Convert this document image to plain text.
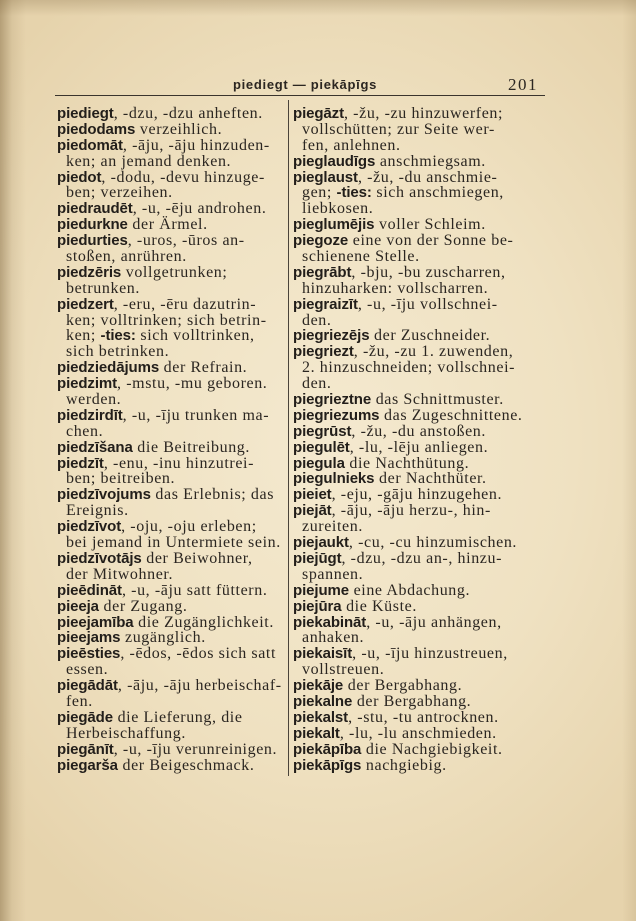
piediegt — piekāpīgs	201
piediegt, -dzu, -dzu anheften.
piedodams verzeihlich.
piedomāt, -āju, -āju hinzuden-
ken; an jemand denken.
piedot, -dodu, -devu hinzuge-
ben; verzeihen.
piedraudēt, -u, -ēju androhen.
piedurkne der Ärmel.
piedurties, -uros, -ūros an-
stoßen, anrühren.
piedzēris vollgetrunken;
betrunken.
piedzert, -eru, -ēru dazutrin-
ken; volltrinken; sich betrin-
ken; -ties: sich volltrinken,
sich betrinken.
piedziedājums der Refrain.
piedzimt, -mstu, -mu geboren.
werden.
piedzirdīt, -u, -īju trunken ma-
chen.
piedzīšana die Beitreibung.
piedzīt, -enu, -inu hinzutrei-
ben; beitreiben.
piedzīvojums das Erlebnis; das
Ereignis.
piedzīvot, -oju, -oju erleben;
bei jemand in Untermiete sein.
piedzīvotājs der Beiwohner,
der Mitwohner.
pieēdināt, -u, -āju satt füttern.
pieeja der Zugang.
pieejamība die Zugänglichkeit.
pieejams zugänglich.
pieēsties, -ēdos, -ēdos sich satt
essen.
piegādāt, -āju, -āju herbeischaf-
fen.
piegāde die Lieferung, die
Herbeischaffung.
piegānīt, -u, -īju verunreinigen.
piegarša der Beigeschmack.
piegāzt, -žu, -zu hinzuwerfen;
vollschütten; zur Seite wer-
fen, anlehnen.
pieglaudīgs anschmiegsam.
pieglaust, -žu, -du anschmie-
gen; -ties: sich anschmiegen,
liebkosen.
pieglumējis voller Schleim.
piegoze eine von der Sonne be-
schienene Stelle.
piegrābt, -bju, -bu zuscharren,
hinzuharken: vollscharren.
piegraizīt, -u, -īju vollschnei-
den.
piegriezējs der Zuschneider.
piegriezt, -žu, -zu 1. zuwenden,
2. hinzuschneiden; vollschnei-
den.
piegrieztne das Schnittmuster.
piegriezums das Zugeschnittene.
piegrūst, -žu, -du anstoßen.
piegulēt, -lu, -lēju anliegen.
piegula die Nachthütung.
piegulnieks der Nachthüter.
pieiet, -eju, -gāju hinzugehen.
piejāt, -āju, -āju herzu-, hin-
zureiten.
piejaukt, -cu, -cu hinzumischen.
piejūgt, -dzu, -dzu an-, hinzu-
spannen.
piejume eine Abdachung.
piejūra die Küste.
piekabināt, -u, -āju anhängen,
anhaken.
piekaisīt, -u, -īju hinzustreuen,
vollstreuen.
piekāje der Bergabhang.
piekalne der Bergabhang.
piekalst, -stu, -tu antrocknen.
piekalt, -lu, -lu anschmieden.
piekāpība die Nachgiebigkeit.
piekāpīgs nachgiebig.
